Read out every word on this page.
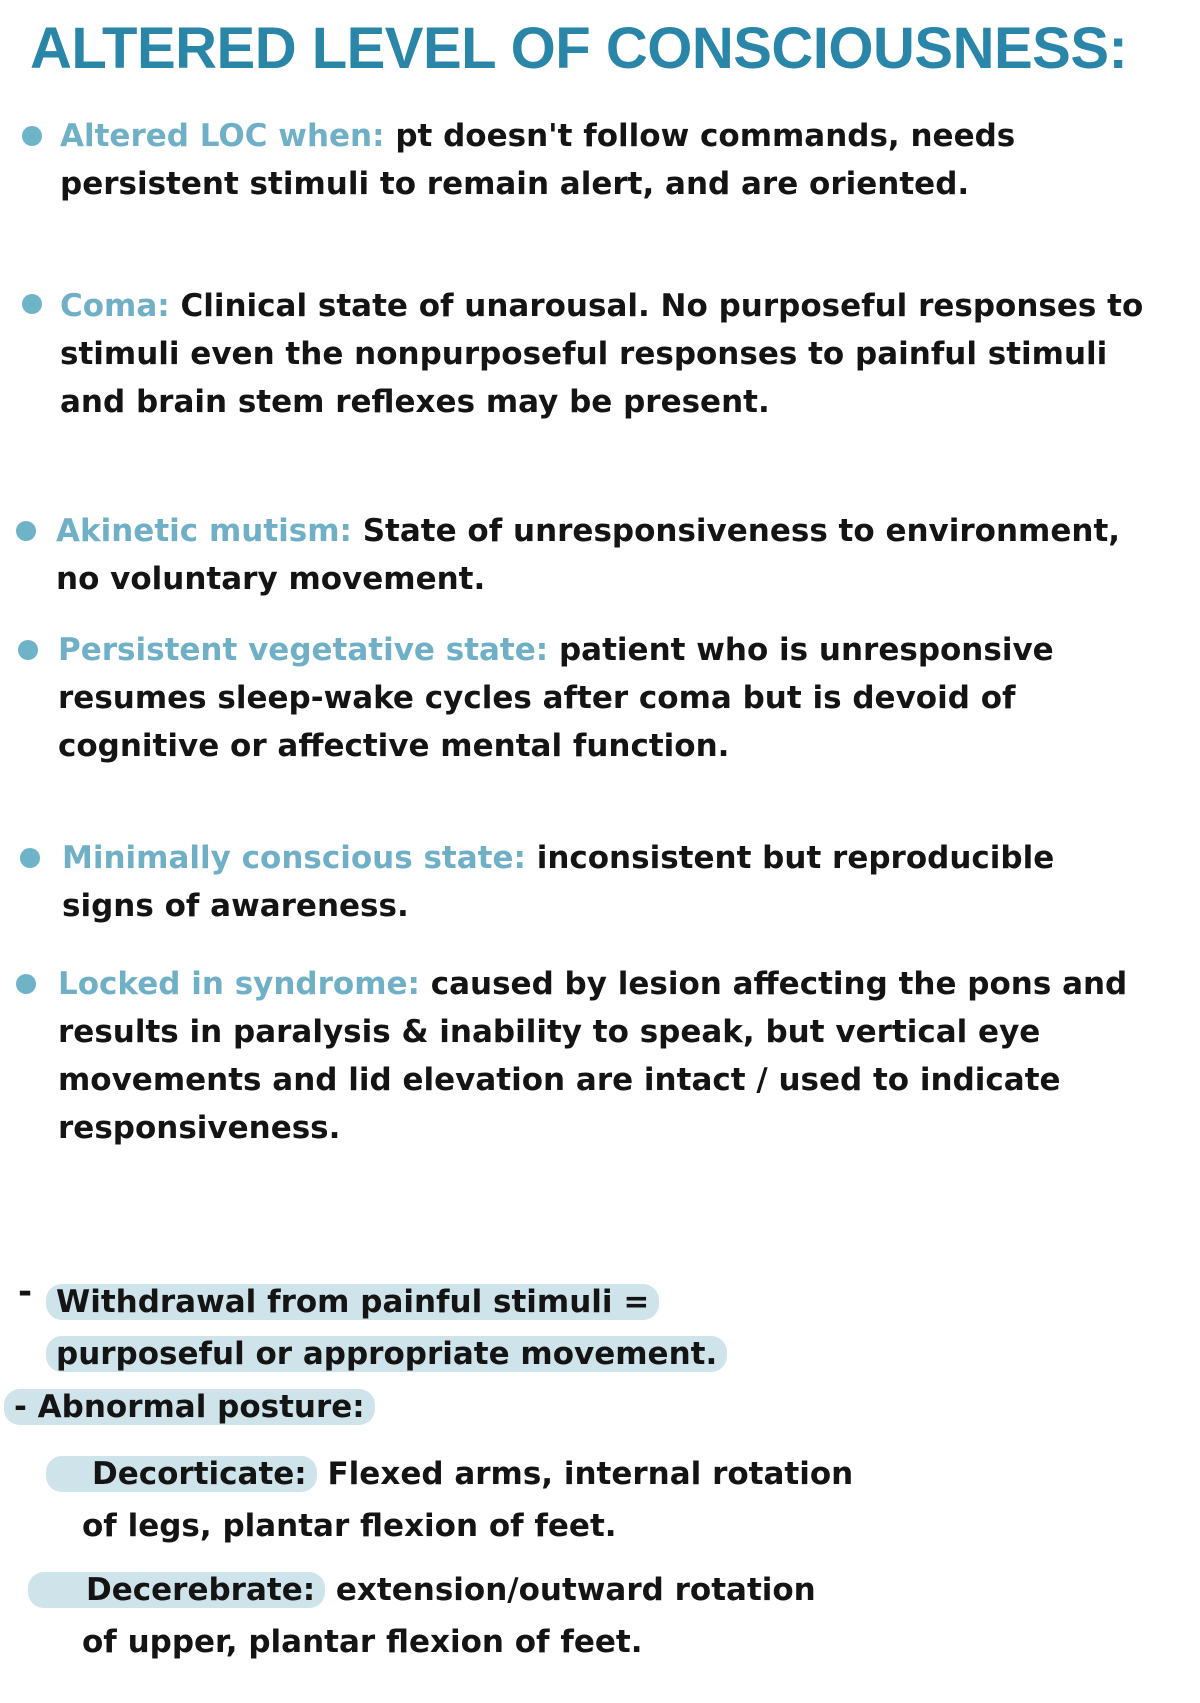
ALTERED LEVEL OF CONSCIOUSNESS:
Altered LOC when: pt doesn't follow commands, needs persistent stimuli to remain alert, and are oriented.
Coma: Clinical state of unarousal. No purposeful responses to stimuli even the nonpurposeful responses to painful stimuli and brain stem reflexes may be present.
Akinetic mutism: State of unresponsiveness to environment, no voluntary movement.
Persistent vegetative state: patient who is unresponsive resumes sleep-wake cycles after coma but is devoid of cognitive or affective mental function.
Minimally conscious state: inconsistent but reproducible signs of awareness.
Locked in syndrome: caused by lesion affecting the pons and results in paralysis & inability to speak, but vertical eye movements and lid elevation are intact / used to indicate responsiveness.
- Withdrawal from painful stimuli =
purposeful or appropriate movement.
- Abnormal posture:
Decorticate: Flexed arms, internal rotation
of legs, plantar flexion of feet.
Decerebrate: extension/outward rotation
of upper, plantar flexion of feet.
